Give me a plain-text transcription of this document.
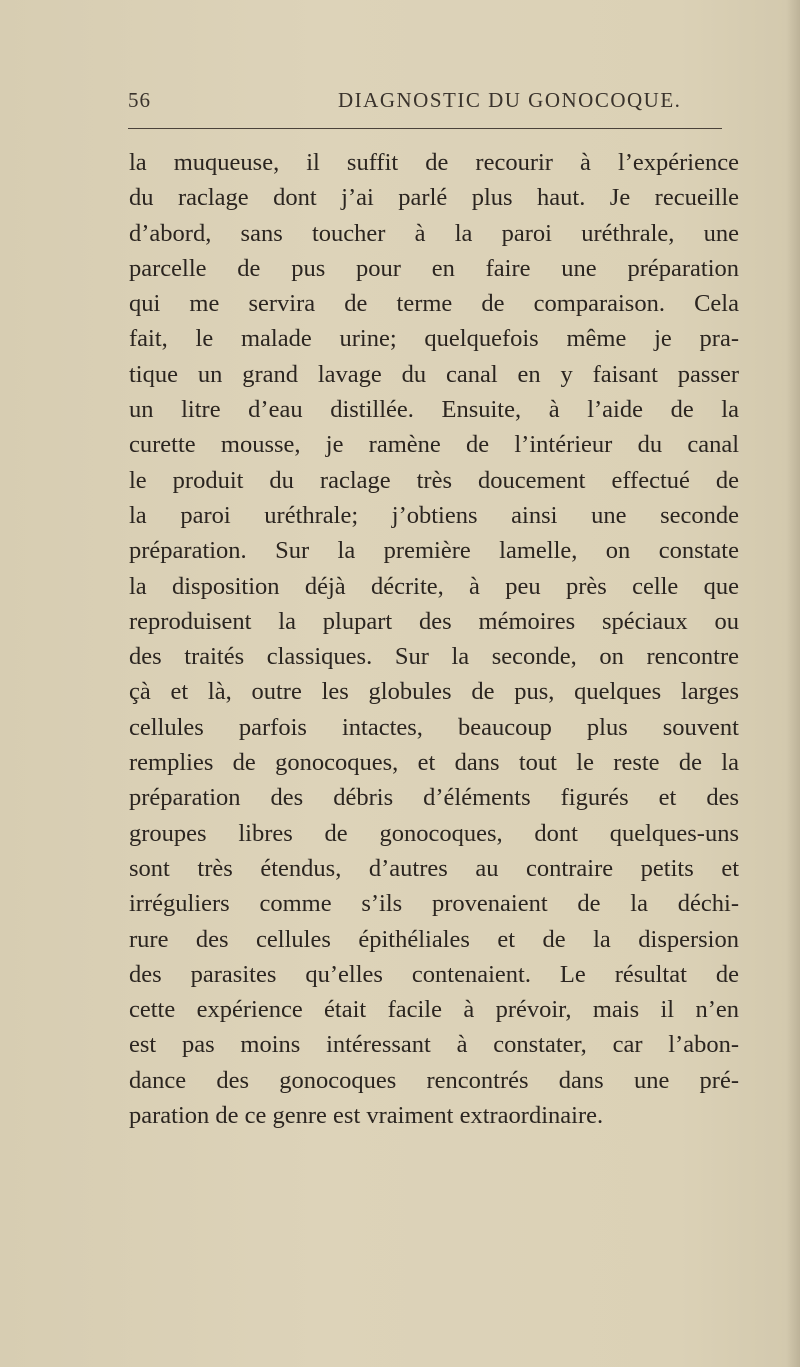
56	DIAGNOSTIC DU GONOCOQUE.
la muqueuse, il suffit de recourir à l’expérience
du raclage dont j’ai parlé plus haut. Je recueille
d’abord, sans toucher à la paroi uréthrale, une
parcelle de pus pour en faire une préparation
qui me servira de terme de comparaison. Cela
fait, le malade urine; quelquefois même je pra-
tique un grand lavage du canal en y faisant passer
un litre d’eau distillée. Ensuite, à l’aide de la
curette mousse, je ramène de l’intérieur du canal
le produit du raclage très doucement effectué de
la paroi uréthrale; j’obtiens ainsi une seconde
préparation. Sur la première lamelle, on constate
la disposition déjà décrite, à peu près celle que
reproduisent la plupart des mémoires spéciaux ou
des traités classiques. Sur la seconde, on rencontre
çà et là, outre les globules de pus, quelques larges
cellules parfois intactes, beaucoup plus souvent
remplies de gonocoques, et dans tout le reste de la
préparation des débris d’éléments figurés et des
groupes libres de gonocoques, dont quelques-uns
sont très étendus, d’autres au contraire petits et
irréguliers comme s’ils provenaient de la déchi-
rure des cellules épithéliales et de la dispersion
des parasites qu’elles contenaient. Le résultat de
cette expérience était facile à prévoir, mais il n’en
est pas moins intéressant à constater, car l’abon-
dance des gonocoques rencontrés dans une pré-
paration de ce genre est vraiment extraordinaire.
